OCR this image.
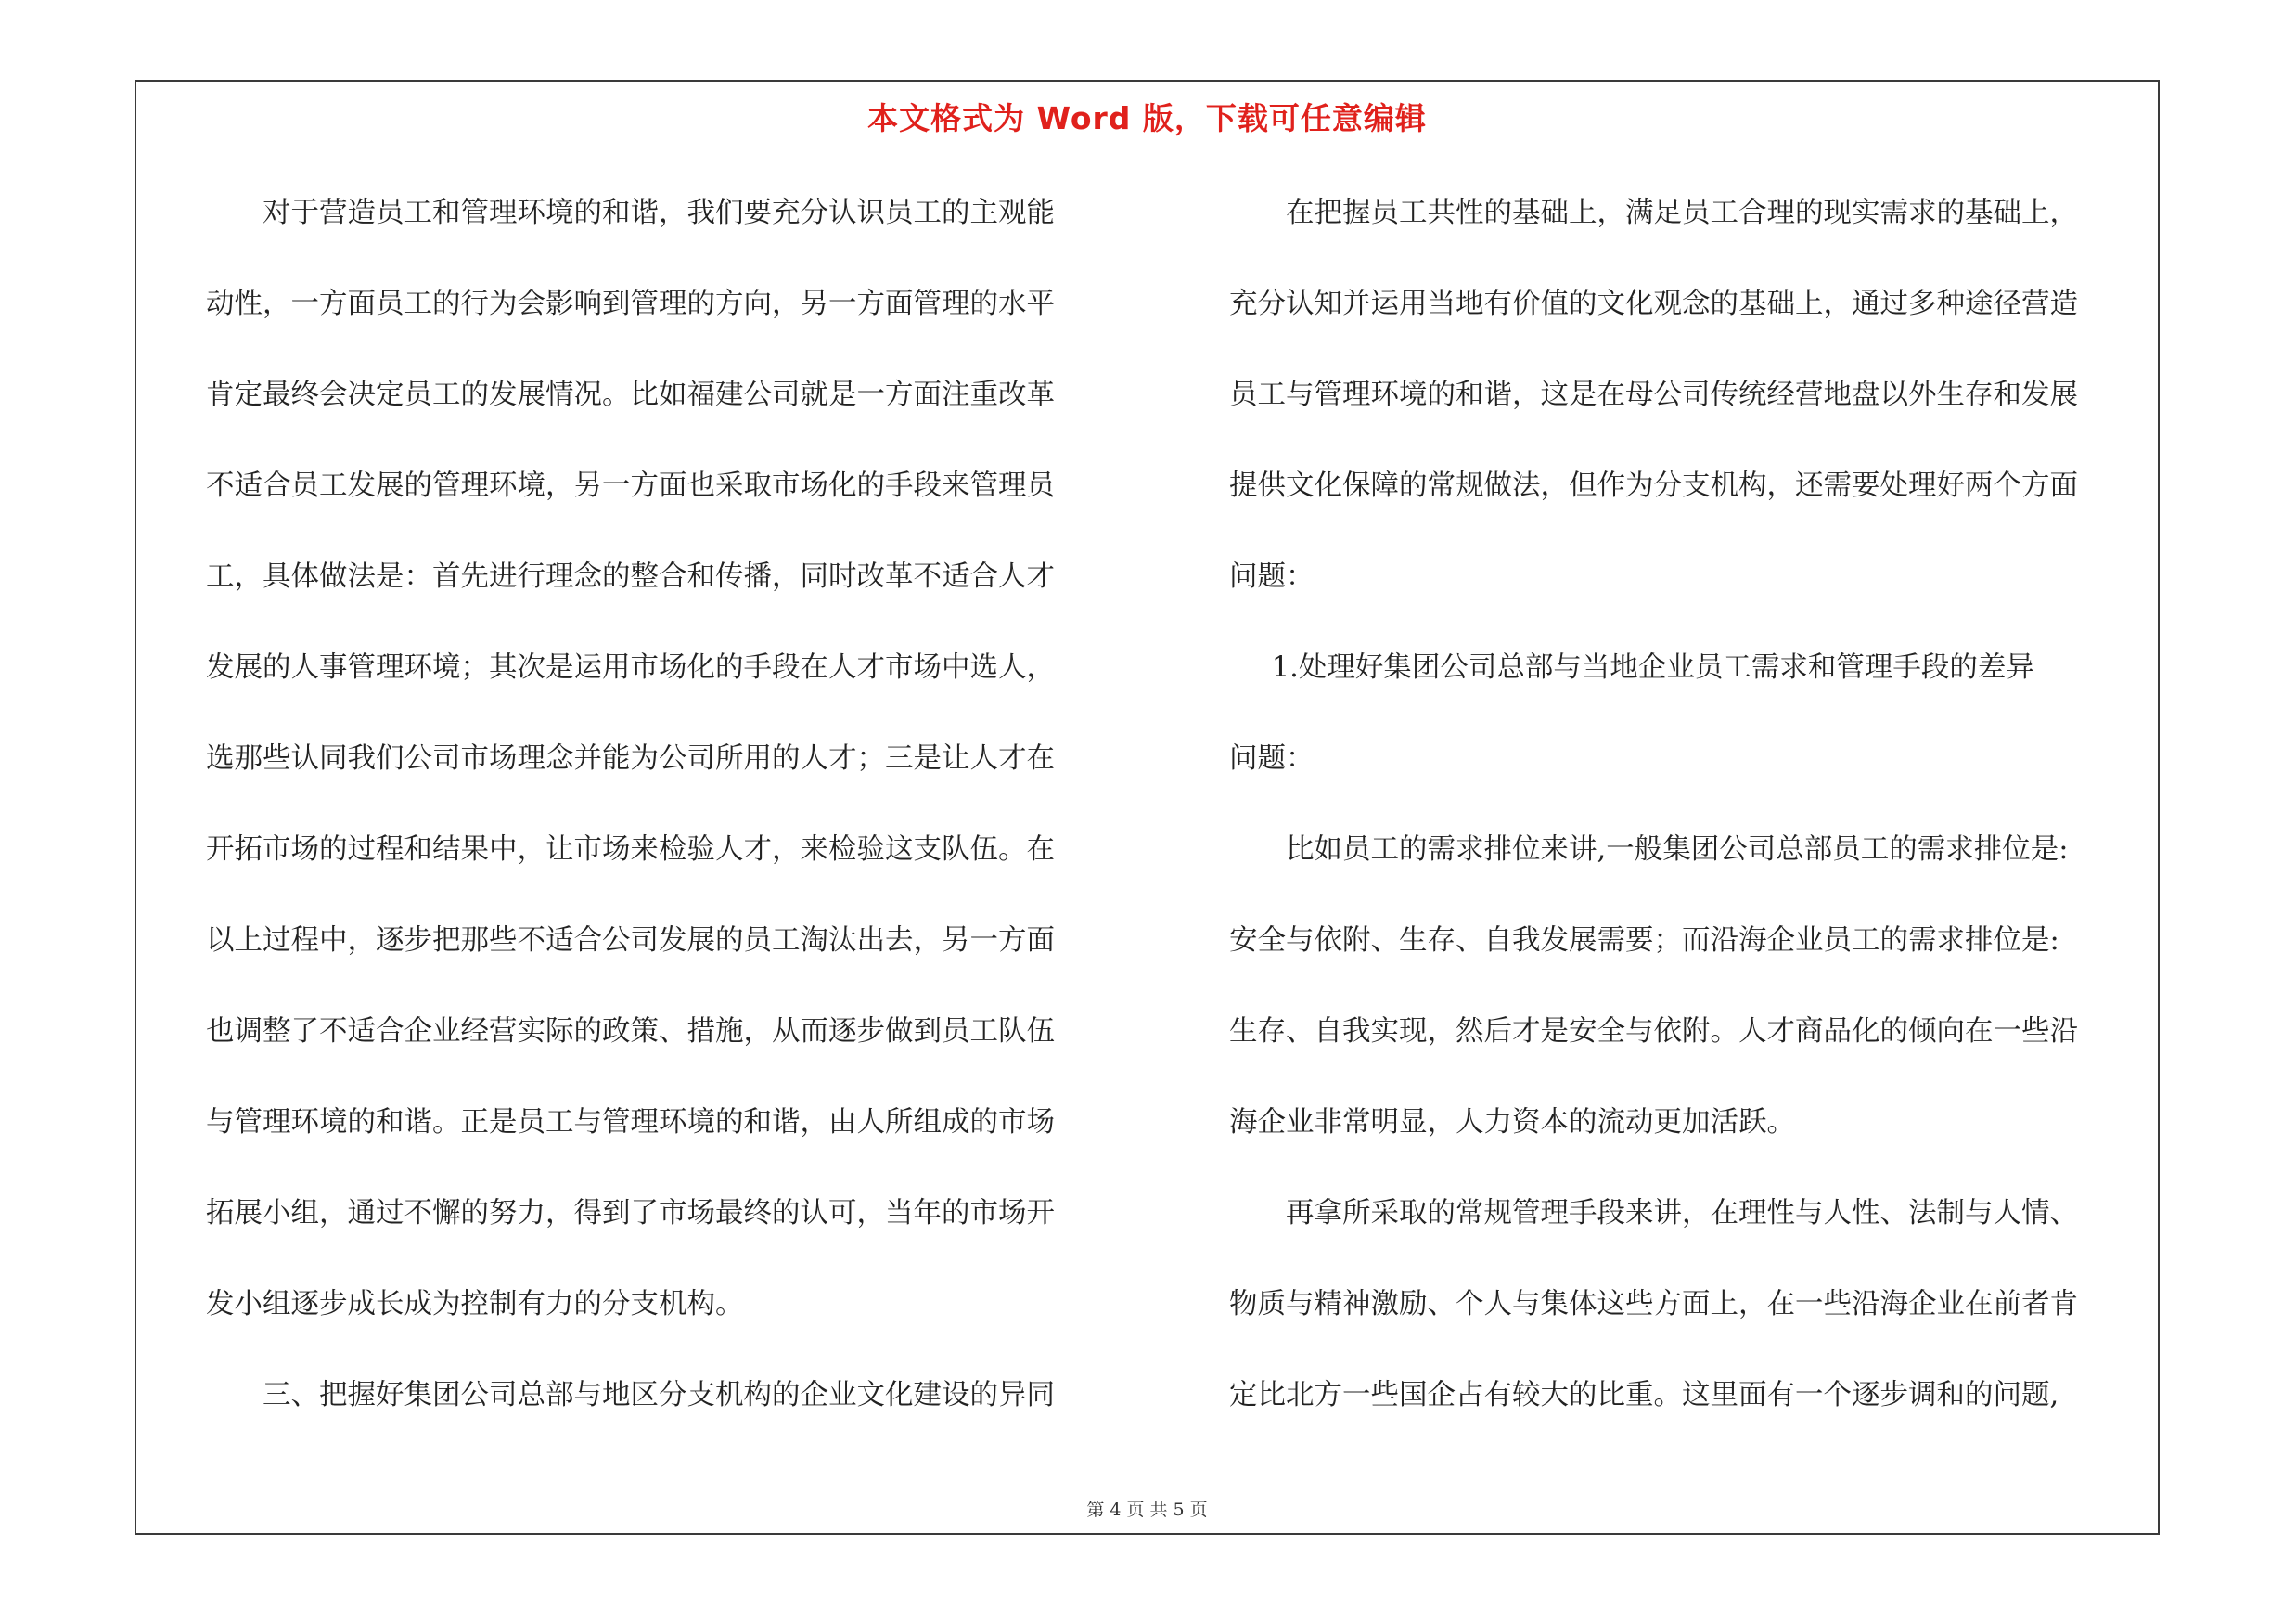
本文格式为 Word 版，下载可任意编辑

对于营造员工和管理环境的和谐，我们要充分认识员工的主观能
动性，一方面员工的行为会影响到管理的方向，另一方面管理的水平
肯定最终会决定员工的发展情况。比如福建公司就是一方面注重改革
不适合员工发展的管理环境，另一方面也采取市场化的手段来管理员
工，具体做法是：首先进行理念的整合和传播，同时改革不适合人才
发展的人事管理环境；其次是运用市场化的手段在人才市场中选人，
选那些认同我们公司市场理念并能为公司所用的人才；三是让人才在
开拓市场的过程和结果中，让市场来检验人才，来检验这支队伍。在
以上过程中，逐步把那些不适合公司发展的员工淘汰出去，另一方面
也调整了不适合企业经营实际的政策、措施，从而逐步做到员工队伍
与管理环境的和谐。正是员工与管理环境的和谐，由人所组成的市场
拓展小组，通过不懈的努力，得到了市场最终的认可，当年的市场开
发小组逐步成长成为控制有力的分支机构。

三、把握好集团公司总部与地区分支机构的企业文化建设的异同

在把握员工共性的基础上，满足员工合理的现实需求的基础上，
充分认知并运用当地有价值的文化观念的基础上，通过多种途径营造
员工与管理环境的和谐，这是在母公司传统经营地盘以外生存和发展
提供文化保障的常规做法，但作为分支机构，还需要处理好两个方面
问题：

1.处理好集团公司总部与当地企业员工需求和管理手段的差异
问题：

比如员工的需求排位来讲,一般集团公司总部员工的需求排位是:
安全与依附、生存、自我发展需要；而沿海企业员工的需求排位是:
生存、自我实现，然后才是安全与依附。人才商品化的倾向在一些沿
海企业非常明显，人力资本的流动更加活跃。

再拿所采取的常规管理手段来讲，在理性与人性、法制与人情、
物质与精神激励、个人与集体这些方面上，在一些沿海企业在前者肯
定比北方一些国企占有较大的比重。这里面有一个逐步调和的问题,

第 4 页 共 5 页
